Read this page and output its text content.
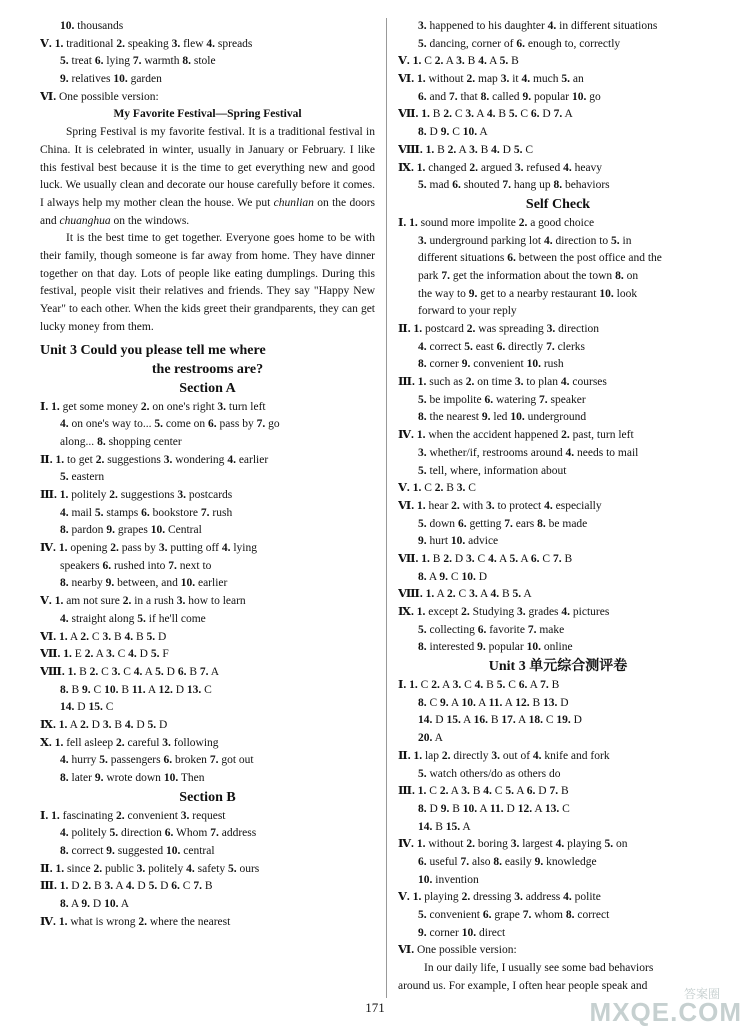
10. thousands
Ⅴ. 1. traditional 2. speaking 3. flew 4. spreads
5. treat 6. lying 7. warmth 8. stole
9. relatives 10. garden
Ⅵ. One possible version:
My Favorite Festival—Spring Festival

Spring Festival is my favorite festival. It is a traditional festival in China. It is celebrated in winter, usually in January or February. I like this festival best because it is the time to get everything new and good luck. We usually clean and decorate our house carefully before it comes. I always help my mother clean the house. We put chunlian on the doors and chuanghua on the windows.

It is the best time to get together. Everyone goes home to be with their family, though someone is far away from home. They have dinner together on that day. Lots of people like eating dumplings. During this festival, people visit their relatives and friends. They say "Happy New Year" to each other. When the kids greet their grandparents, they can get lucky money from them.

Unit 3 Could you please tell me where
the restrooms are?
Section A
Ⅰ. 1. get some money 2. on one's right 3. turn left
4. on one's way to... 5. come on 6. pass by 7. go
along... 8. shopping center
Ⅱ. 1. to get 2. suggestions 3. wondering 4. earlier
5. eastern
Ⅲ. 1. politely 2. suggestions 3. postcards
4. mail 5. stamps 6. bookstore 7. rush
8. pardon 9. grapes 10. Central
Ⅳ. 1. opening 2. pass by 3. putting off 4. lying
speakers 6. rushed into 7. next to
8. nearby 9. between, and 10. earlier
Ⅴ. 1. am not sure 2. in a rush 3. how to learn
4. straight along 5. if he'll come
Ⅵ. 1. A 2. C 3. B 4. B 5. D
Ⅶ. 1. E 2. A 3. C 4. D 5. F
Ⅷ. 1. B 2. C 3. C 4. A 5. D 6. B 7. A
8. B 9. C 10. B 11. A 12. D 13. C
14. D 15. C
Ⅸ. 1. A 2. D 3. B 4. D 5. D
Ⅹ. 1. fell asleep 2. careful 3. following
4. hurry 5. passengers 6. broken 7. got out
8. later 9. wrote down 10. Then
Section B
Ⅰ. 1. fascinating 2. convenient 3. request
4. politely 5. direction 6. Whom 7. address
8. correct 9. suggested 10. central
Ⅱ. 1. since 2. public 3. politely 4. safety 5. ours
Ⅲ. 1. D 2. B 3. A 4. D 5. D 6. C 7. B
8. A 9. D 10. A
Ⅳ. 1. what is wrong 2. where the nearest
3. happened to his daughter 4. in different situations
5. dancing, corner of 6. enough to, correctly
Ⅴ. 1. C 2. A 3. B 4. A 5. B
Ⅵ. 1. without 2. map 3. it 4. much 5. an
6. and 7. that 8. called 9. popular 10. go
Ⅶ. 1. B 2. C 3. A 4. B 5. C 6. D 7. A
8. D 9. C 10. A
Ⅷ. 1. B 2. A 3. B 4. D 5. C
Ⅸ. 1. changed 2. argued 3. refused 4. heavy
5. mad 6. shouted 7. hang up 8. behaviors
Self Check
Ⅰ. 1. sound more impolite 2. a good choice
3. underground parking lot 4. direction to 5. in
different situations 6. between the post office and the
park 7. get the information about the town 8. on
the way to 9. get to a nearby restaurant 10. look
forward to your reply
Ⅱ. 1. postcard 2. was spreading 3. direction
4. correct 5. east 6. directly 7. clerks
8. corner 9. convenient 10. rush
Ⅲ. 1. such as 2. on time 3. to plan 4. courses
5. be impolite 6. watering 7. speaker
8. the nearest 9. led 10. underground
Ⅳ. 1. when the accident happened 2. past, turn left
3. whether/if, restrooms around 4. needs to mail
5. tell, where, information about
Ⅴ. 1. C 2. B 3. C
Ⅵ. 1. hear 2. with 3. to protect 4. especially
5. down 6. getting 7. ears 8. be made
9. hurt 10. advice
Ⅶ. 1. B 2. D 3. C 4. A 5. A 6. C 7. B
8. A 9. C 10. D
Ⅷ. 1. A 2. C 3. A 4. B 5. A
Ⅸ. 1. except 2. Studying 3. grades 4. pictures
5. collecting 6. favorite 7. make
8. interested 9. popular 10. online
Unit 3 单元综合测评卷
Ⅰ. 1. C 2. A 3. C 4. B 5. C 6. A 7. B
8. C 9. A 10. A 11. A 12. B 13. D
14. D 15. A 16. B 17. A 18. C 19. D
20. A
Ⅱ. 1. lap 2. directly 3. out of 4. knife and fork
5. watch others/do as others do
Ⅲ. 1. C 2. A 3. B 4. C 5. A 6. D 7. B
8. D 9. B 10. A 11. D 12. A 13. C
14. B 15. A
Ⅳ. 1. without 2. boring 3. largest 4. playing 5. on
6. useful 7. also 8. easily 9. knowledge
10. invention
Ⅴ. 1. playing 2. dressing 3. address 4. polite
5. convenient 6. grape 7. whom 8. correct
9. corner 10. direct
Ⅵ. One possible version:
In our daily life, I usually see some bad behaviors
around us. For example, I often hear people speak and
171
答案圈
MXQE.COM
